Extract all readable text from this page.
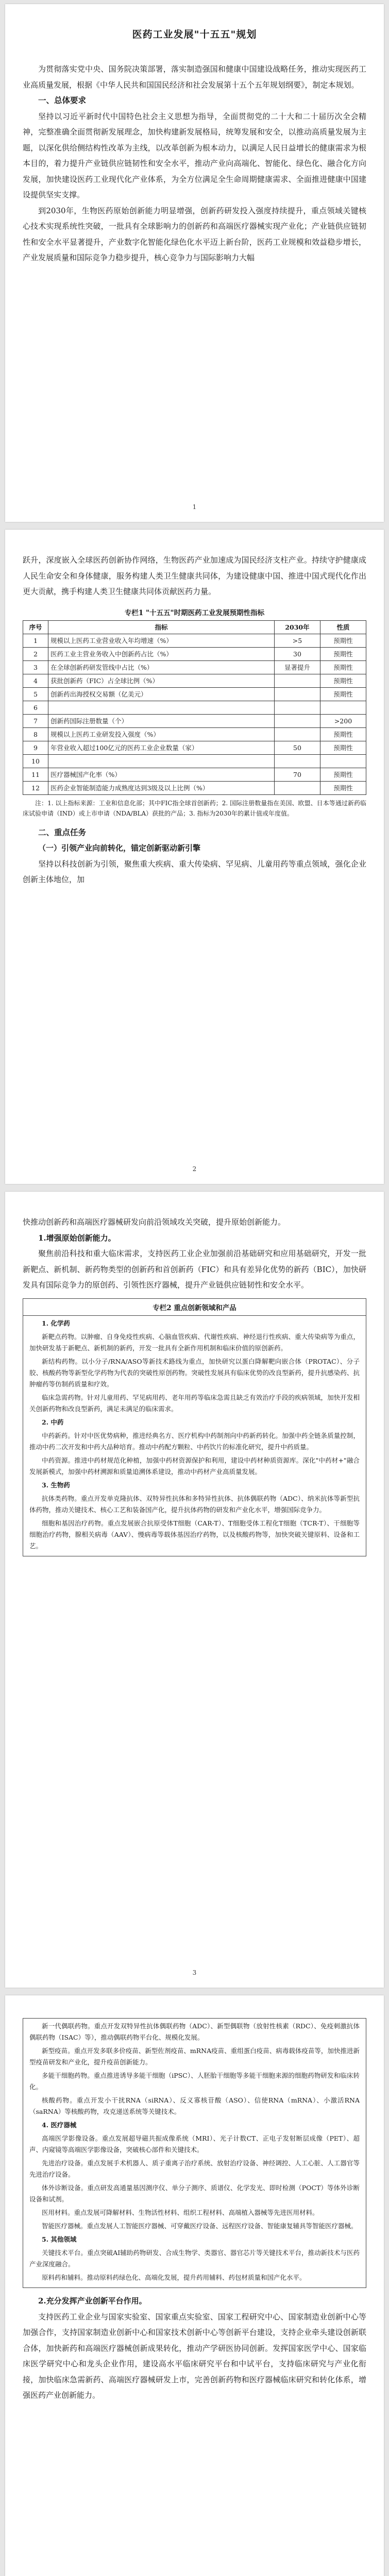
医药工业发展"十五五"规划

为贯彻落实党中央、国务院决策部署，落实制造强国和健康中国建设战略任务，推动实现医药工业高质量发展，根据《中华人民共和国国民经济和社会发展第十五个五年规划纲要》，制定本规划。

一、总体要求

坚持以习近平新时代中国特色社会主义思想为指导，全面贯彻党的二十大和二十届历次全会精神，完整准确全面贯彻新发展理念，加快构建新发展格局，统筹发展和安全，以推动高质量发展为主题，以深化供给侧结构性改革为主线，以改革创新为根本动力，以满足人民日益增长的健康需求为根本目的，着力提升产业链供应链韧性和安全水平，推动产业向高端化、智能化、绿色化、融合化方向发展，加快建设医药工业现代化产业体系，为全方位满足全生命周期健康需求、全面推进健康中国建设提供坚实支撑。

到2030年，生物医药原始创新能力明显增强，创新药研发投入强度持续提升，重点领域关键核心技术实现系统性突破，一批具有全球影响力的创新药和高端医疗器械实现产业化；产业链供应链韧性和安全水平显著提升，产业数字化智能化绿色化水平迈上新台阶，医药工业规模和效益稳步增长，产业发展质量和国际竞争力稳步提升，核心竞争力与国际影响力大幅

1

跃升，深度嵌入全球医药创新协作网络，生物医药产业加速成为国民经济支柱产业。持续守护健康成人民生命安全和身体健康，服务构建人类卫生健康共同体，为建设健康中国、推进中国式现代化作出更大贡献，携手构建人类卫生健康共同体贡献医药力量。

专栏1 "十五五"时期医药工业发展预期性指标
序号	指标	2030年	性质
1	规模以上医药工业营业收入年均增速（%）	>5	预期性
2	医药工业主营业务收入中创新药占比（%）	30	预期性
3	在全球创新药研发管线中占比（%）	显著提升	预期性
4	获批创新药（FIC）占全球比例（%）		预期性
5	创新药出海授权交易额（亿美元）		预期性
6			
7	创新药国际注册数量（个）		>200
8	规模以上医药工业研发投入强度（%）		预期性
9	年营业收入超过100亿元的医药工业企业数量（家）	50	预期性
10			
11	医疗器械国产化率（%）	70	预期性
12	医药企业智能制造能力成熟度达到3级及以上比例（%）		预期性

注：1. 以上指标来源：工业和信息化部；其中FIC指全球首创新药；2. 国际注册数量指在美国、欧盟、日本等通过新药临床试验申请（IND）或上市申请（NDA/BLA）获批的产品；3. 指标为2030年的累计值或年度值。

二、重点任务
（一）引领产业向前转化，锚定创新驱动新引擎

坚持以科技创新为引领，聚焦重大疾病、重大传染病、罕见病、儿童用药等重点领域，强化企业创新主体地位，加

2

快推动创新药和高端医疗器械研发向前沿领域攻关突破，提升原始创新能力。

1.增强原始创新能力。

聚焦前沿科技和重大临床需求，支持医药工业企业加强前沿基础研究和应用基础研究，开发一批新靶点、新机制、新药物类型的创新药和首创新药（FIC）和具有差异化优势的新药（BIC），加快研发具有国际竞争力的原创药、引领性医疗器械，提升产业链供应链韧性和安全水平。

专栏2 重点创新领域和产品
1. 化学药
新靶点药物。以肿瘤、自身免疫性疾病、心脑血管疾病、代谢性疾病、神经退行性疾病、重大传染病等为重点，加快研发基于新靶点、新机制的新药，开发一批具有全新作用机制和临床价值的原创新药。
新结构药物。以小分子/RNA/ASO等新技术路线为重点，加快研究以蛋白降解靶向嵌合体（PROTAC）、分子胶、核酸药物等新型化学药物为代表的突破性原创药物。突破性发展具有临床优势的改良型新药，提升抗感染药、抗肿瘤药等仿制药质量和疗效。
临床急需药物。针对儿童用药、罕见病用药、老年用药等临床急需且缺乏有效治疗手段的疾病领域，加快开发相关创新药物和改良型新药，满足未满足的临床需求。
2. 中药
中药新药。针对中医优势病种，推进经典名方、医疗机构中药制剂向中药新药转化。加强中药全链条质量控制，推动中药二次开发和中药大品种培育。推动中药配方颗粒、中药饮片的标准化研究，提升中药质量。
中药资源。推进中药材规范化种植，加强中药材资源保护和利用，建设中药材种质资源库。深化"中药材+"融合发展新模式，加强中药材溯源和质量追溯体系建设，推动中药材产业高质量发展。
3. 生物药
抗体类药物。重点开发单克隆抗体、双特异性抗体和多特异性抗体、抗体偶联药物（ADC）、纳米抗体等新型抗体药物，推动关键技术、核心工艺和装备国产化，提升抗体药物的研发和产业化水平，增强国际竞争力。
细胞和基因治疗药物。重点发展嵌合抗原受体T细胞（CAR-T）、T细胞受体工程化T细胞（TCR-T）、干细胞等细胞治疗药物，腺相关病毒（AAV）、慢病毒等载体基因治疗药物，以及核酸药物等，加快突破关键原料、设备和工艺。
3
新一代偶联药物。重点开发双特异性抗体偶联药物（ADC）、新型偶联物（放射性核素（RDC）、免疫刺激抗体偶联药物（ISAC）等），推动偶联药物平台化、规模化发展。
新型疫苗。重点开发多联多价疫苗、新型佐剂疫苗、mRNA疫苗、重组蛋白疫苗、病毒载体疫苗等，加快推进新型疫苗研发和产业化，提升疫苗创新能力。
多能干细胞药物。重点推进诱导多能干细胞（iPSC）、人胚胎干细胞等多能干细胞来源的细胞药物研发和临床转化。
核酸药物。重点开发小干扰RNA（siRNA）、反义寡核苷酸（ASO）、信使RNA（mRNA）、小激活RNA（saRNA）等核酸药物，攻克递送系统等关键技术。
4. 医疗器械
高端医学影像设备。重点发展超导磁共振成像系统（MRI）、光子计数CT、正电子发射断层成像（PET）、超声、内窥镜等高端医学影像设备，突破核心部件和关键技术。
先进治疗设备。重点发展手术机器人、质子重离子治疗系统、放射治疗设备、神经调控、人工心脏、人工器官等先进治疗设备。
体外诊断设备。重点研发高通量基因测序仪、单分子测序、质谱仪、化学发光、即时检测（POCT）等体外诊断设备和试剂。
医用材料。重点发展可降解材料、生物活性材料、组织工程材料、高端植入器械等先进医用材料。
智能医疗器械。重点发展人工智能医疗器械、可穿戴医疗设备、远程医疗设备、智能康复辅具等智能医疗器械。
5. 其他领域
关键技术平台。重点突破AI辅助药物研发、合成生物学、类器官、器官芯片等关键技术平台，推动新技术与医药产业深度融合。
原料药和辅料。推动原料药绿色化、高端化发展，提升药用辅料、药包材质量和国产化水平。
2.充分发挥产业创新平台作用。

支持医药工业企业与国家实验室、国家重点实验室、国家工程研究中心、国家制造业创新中心等加强合作，支持国家制造业创新中心和国家技术创新中心等创新平台建设，支持企业牵头建设创新联合体，加快新药和高端医疗器械创新成果转化，推动产学研医协同创新。发挥国家医学中心、国家临床医学研究中心和龙头企业作用，建设高水平临床研究平台和中试平台，支持临床研究与产业化衔接，加快临床急需新药、高端医疗器械研发上市，完善创新药物和医疗器械临床研究和转化体系，增强医药产业创新能力。
